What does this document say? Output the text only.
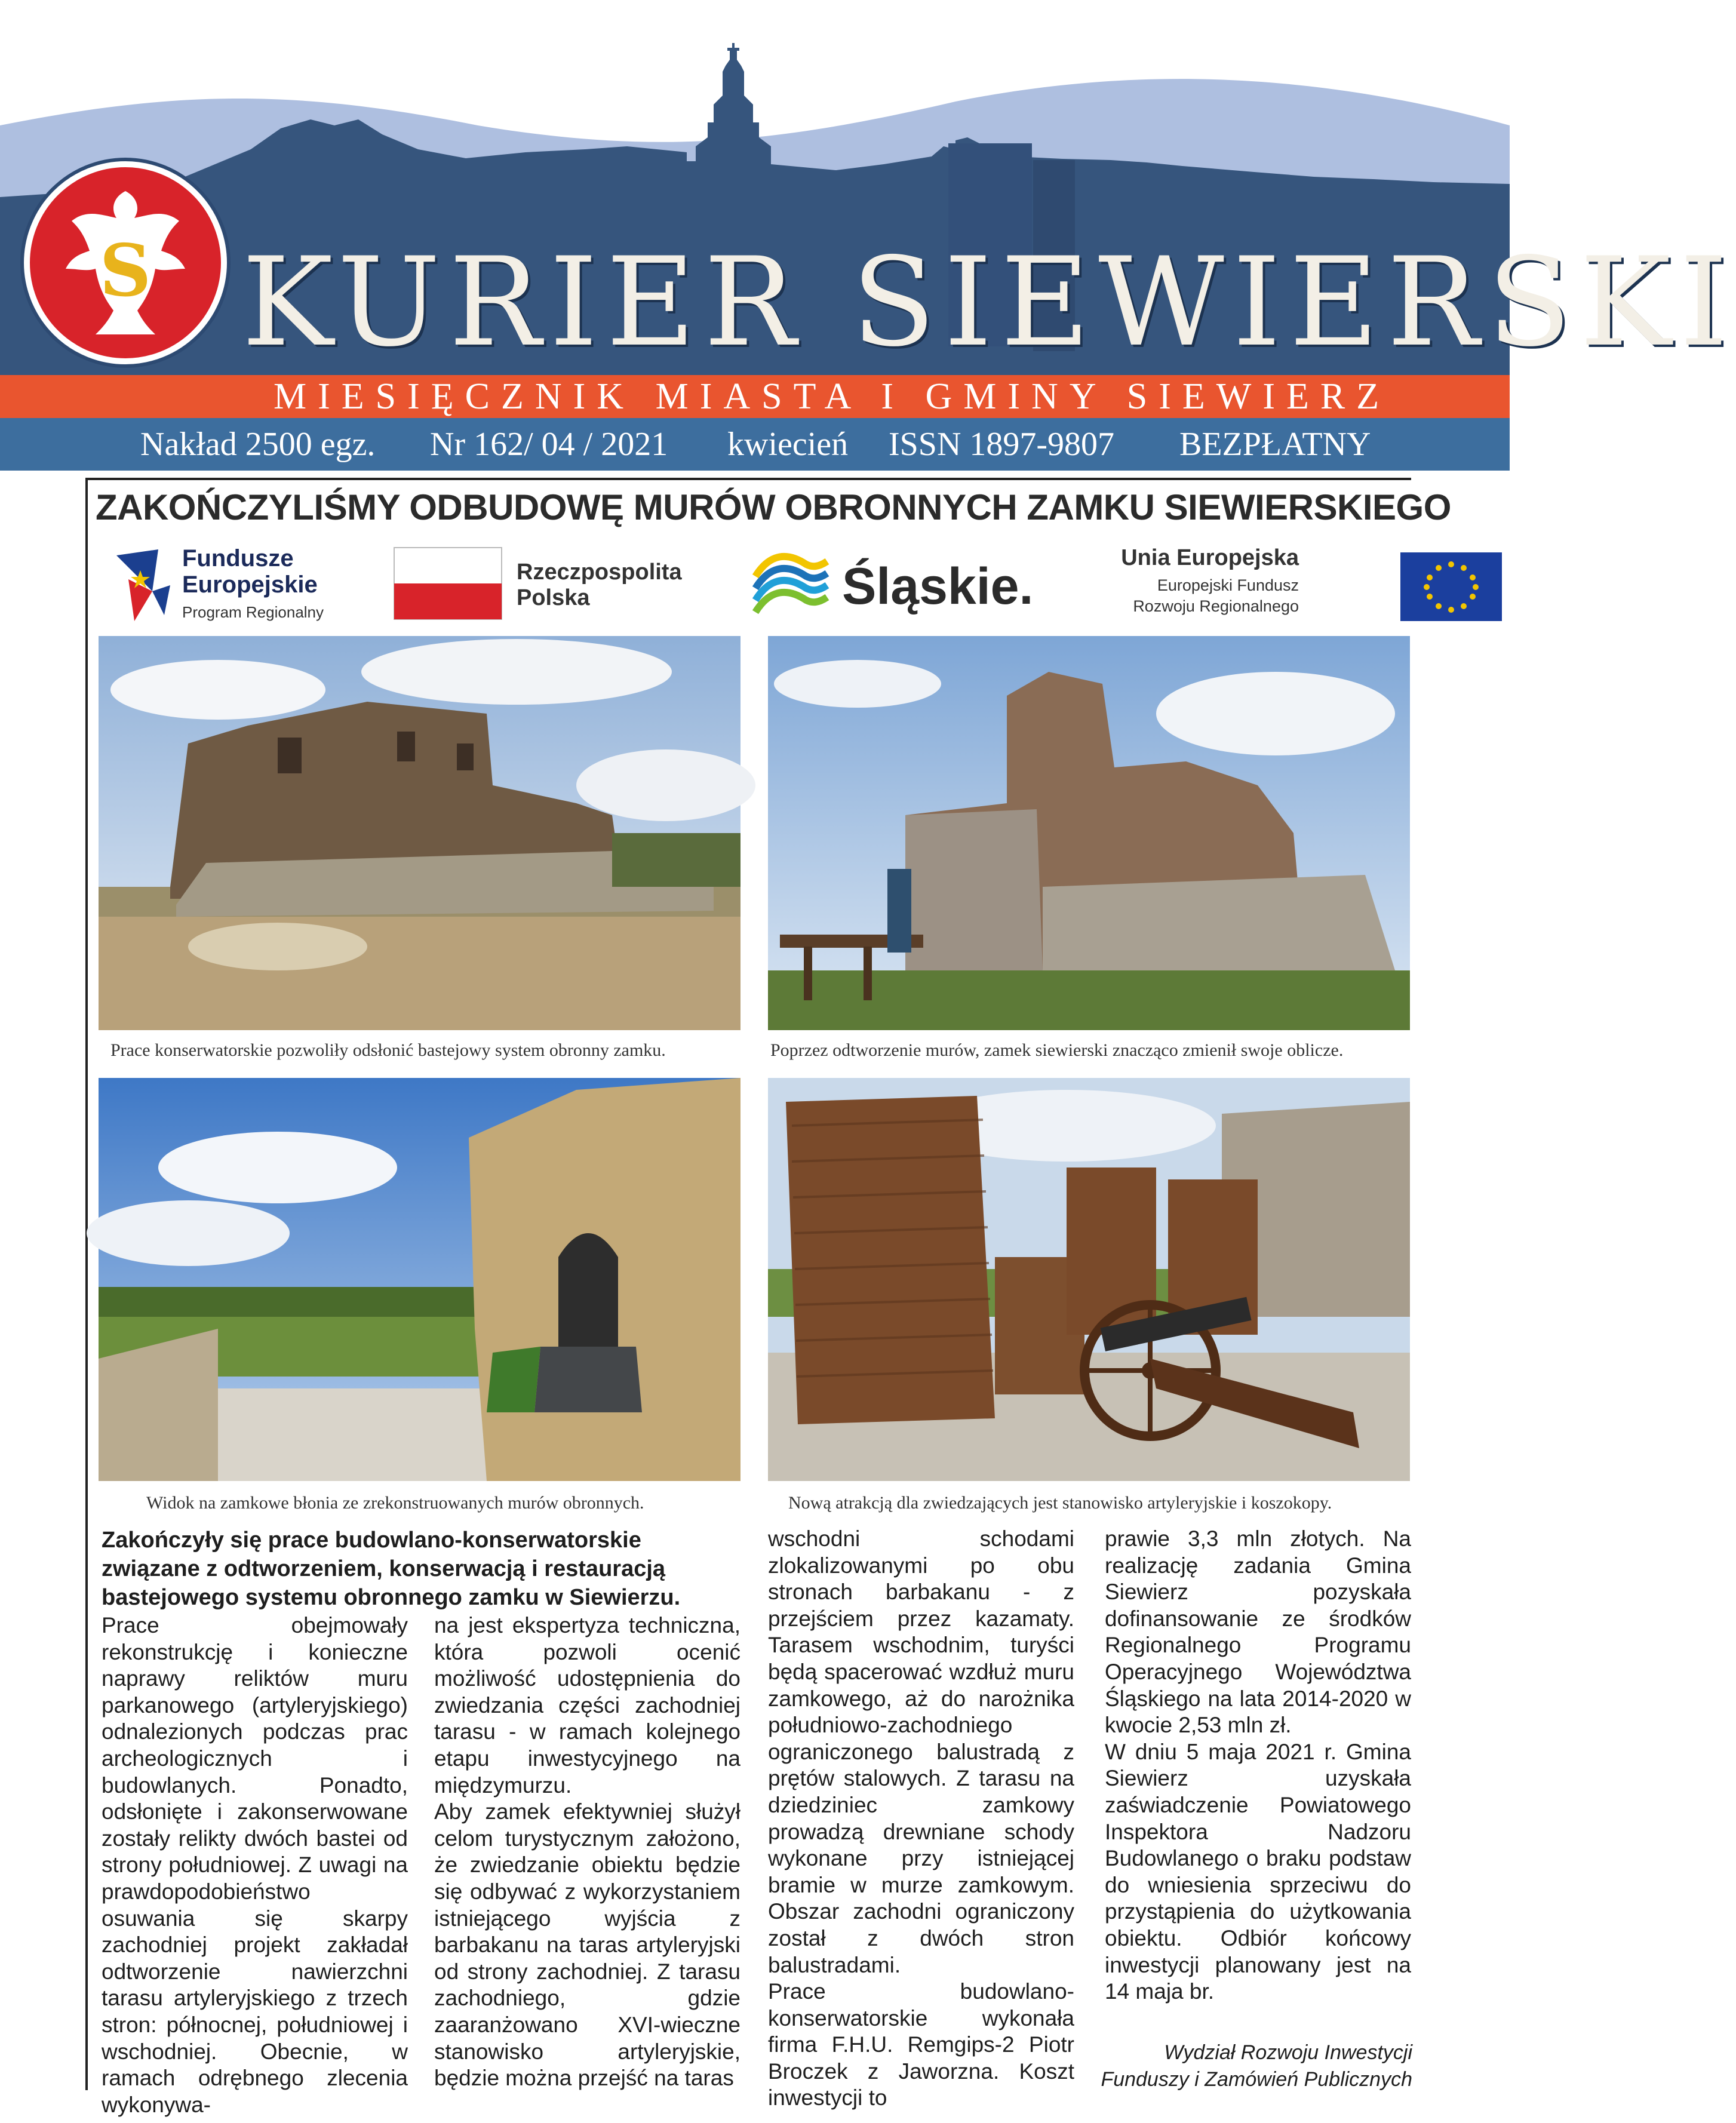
S KURIER SIEWIERSKI
MIESIĘCZNIK MIASTA I GMINY SIEWIERZ
Nakład 2500 egz. Nr 162/ 04 / 2021 kwiecień ISSN 1897-9807 BEZPŁATNY
ZAKOŃCZYLIŚMY ODBUDOWĘ MURÓW OBRONNYCH ZAMKU SIEWIERSKIEGO
Fundusze
Europejskie
Program Regionalny
Rzeczpospolita
Polska	Śląskie.	Unia Europejska
Europejski Fundusz
Rozwoju Regionalnego
Prace konserwatorskie pozwoliły odsłonić bastejowy system obronny zamku.	Poprzez odtworzenie murów, zamek siewierski znacząco zmienił swoje oblicze.
Widok na zamkowe błonia ze zrekonstruowanych murów obronnych.	Nową atrakcją dla zwiedzających jest stanowisko artyleryjskie i koszokopy.
Zakończyły się prace budowlano-konserwatorskie związane z odtworzeniem, konserwacją i restauracją bastejowego systemu obronnego zamku w Siewierzu.
Prace obejmowały rekonstrukcję i konieczne naprawy reliktów muru parkanowego (artyleryjskiego) odnalezionych podczas prac archeologicznych i budowlanych. Ponadto, odsłonięte i zakonserwowane zostały relikty dwóch bastei od strony południowej. Z uwagi na prawdopodobieństwo osuwania się skarpy zachodniej projekt zakładał odtworzenie nawierzchni tarasu artyleryjskiego z trzech stron: północnej, południowej i wschodniej. Obecnie, w ramach odrębnego zlecenia wykonywa-
na jest ekspertyza techniczna, która pozwoli ocenić możliwość udostępnienia do zwiedzania części zachodniej tarasu - w ramach kolejnego etapu inwestycyjnego na międzymurzu.
Aby zamek efektywniej służył celom turystycznym założono, że zwiedzanie obiektu będzie się odbywać z wykorzystaniem istniejącego wyjścia z barbakanu na taras artyleryjski od strony zachodniej. Z tarasu zachodniego, gdzie zaaranżowano XVI-wieczne stanowisko artyleryjskie, będzie można przejść na taras
wschodni schodami zlokalizowanymi po obu stronach barbakanu - z przejściem przez kazamaty. Tarasem wschodnim, turyści będą spacerować wzdłuż muru zamkowego, aż do narożnika południowo-zachodniego ograniczonego balustradą z prętów stalowych. Z tarasu na dziedziniec zamkowy prowadzą drewniane schody wykonane przy istniejącej bramie w murze zamkowym. Obszar zachodni ograniczony został z dwóch stron balustradami.
Prace budowlano-konserwatorskie wykonała firma F.H.U. Remgips-2 Piotr Broczek z Jaworzna. Koszt inwestycji to
prawie 3,3 mln złotych. Na realizację zadania Gmina Siewierz pozyskała dofinansowanie ze środków Regionalnego Programu Operacyjnego Województwa Śląskiego na lata 2014-2020 w kwocie 2,53 mln zł.
W dniu 5 maja 2021 r. Gmina Siewierz uzyskała zaświadczenie Powiatowego Inspektora Nadzoru Budowlanego o braku podstaw do wniesienia sprzeciwu do przystąpienia do użytkowania obiektu. Odbiór końcowy inwestycji planowany jest na 14 maja br.
Wydział Rozwoju Inwestycji
Funduszy i Zamówień Publicznych
